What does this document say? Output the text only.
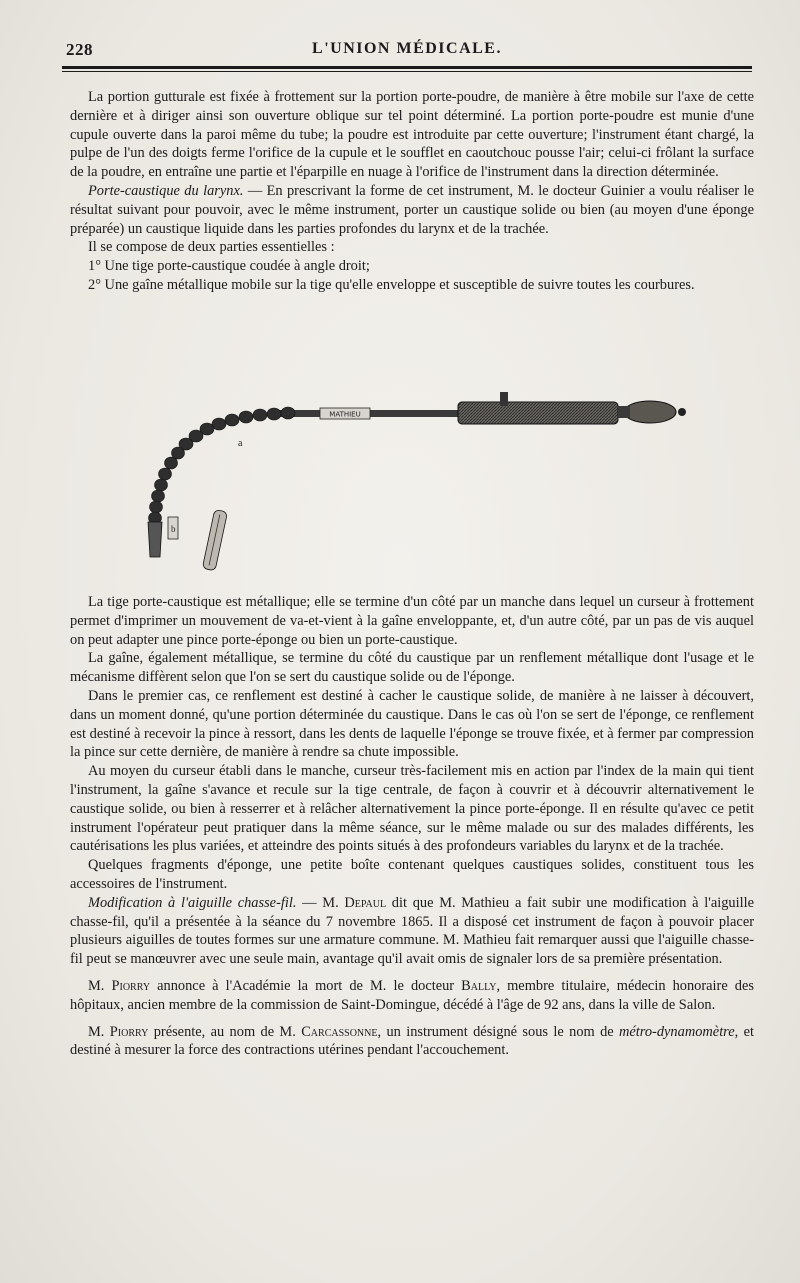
228	L'UNION MÉDICALE.

La portion gutturale est fixée à frottement sur la portion porte-poudre, de manière à être mobile sur l'axe de cette dernière et à diriger ainsi son ouverture oblique sur tel point déterminé. La portion porte-poudre est munie d'une cupule ouverte dans la paroi même du tube; la poudre est introduite par cette ouverture; l'instrument étant chargé, la pulpe de l'un des doigts ferme l'orifice de la cupule et le soufflet en caoutchouc pousse l'air; celui-ci frôlant la surface de la poudre, en entraîne une partie et l'éparpille en nuage à l'orifice de l'instrument dans la direction déterminée.

Porte-caustique du larynx. — En prescrivant la forme de cet instrument, M. le docteur Guinier a voulu réaliser le résultat suivant pour pouvoir, avec le même instrument, porter un caustique solide ou bien (au moyen d'une éponge préparée) un caustique liquide dans les parties profondes du larynx et de la trachée.

Il se compose de deux parties essentielles :

1° Une tige porte-caustique coudée à angle droit;

2° Une gaîne métallique mobile sur la tige qu'elle enveloppe et susceptible de suivre toutes les courbures.

MATHIEU
a
b

La tige porte-caustique est métallique; elle se termine d'un côté par un manche dans lequel un curseur à frottement permet d'imprimer un mouvement de va-et-vient à la gaîne enveloppante, et, d'un autre côté, par un pas de vis auquel on peut adapter une pince porte-éponge ou bien un porte-caustique.

La gaîne, également métallique, se termine du côté du caustique par un renflement métallique dont l'usage et le mécanisme diffèrent selon que l'on se sert du caustique solide ou de l'éponge.

Dans le premier cas, ce renflement est destiné à cacher le caustique solide, de manière à ne laisser à découvert, dans un moment donné, qu'une portion déterminée du caustique. Dans le cas où l'on se sert de l'éponge, ce renflement est destiné à recevoir la pince à ressort, dans les dents de laquelle l'éponge se trouve fixée, et à fermer par compression la pince sur cette dernière, de manière à rendre sa chute impossible.

Au moyen du curseur établi dans le manche, curseur très-facilement mis en action par l'index de la main qui tient l'instrument, la gaîne s'avance et recule sur la tige centrale, de façon à couvrir et à découvrir alternativement le caustique solide, ou bien à resserrer et à relâcher alternativement la pince porte-éponge. Il en résulte qu'avec ce petit instrument l'opérateur peut pratiquer dans la même séance, sur le même malade ou sur des malades différents, les cautérisations les plus variées, et atteindre des points situés à des profondeurs variables du larynx et de la trachée.

Quelques fragments d'éponge, une petite boîte contenant quelques caustiques solides, constituent tous les accessoires de l'instrument.

Modification à l'aiguille chasse-fil. — M. Depaul dit que M. Mathieu a fait subir une modification à l'aiguille chasse-fil, qu'il a présentée à la séance du 7 novembre 1865. Il a disposé cet instrument de façon à pouvoir placer plusieurs aiguilles de toutes formes sur une armature commune. M. Mathieu fait remarquer aussi que l'aiguille chasse-fil peut se manœuvrer avec une seule main, avantage qu'il avait omis de signaler lors de sa première présentation.

M. Piorry annonce à l'Académie la mort de M. le docteur Bally, membre titulaire, médecin honoraire des hôpitaux, ancien membre de la commission de Saint-Domingue, décédé à l'âge de 92 ans, dans la ville de Salon.

M. Piorry présente, au nom de M. Carcassonne, un instrument désigné sous le nom de métro-dynamomètre, et destiné à mesurer la force des contractions utérines pendant l'accouchement.
